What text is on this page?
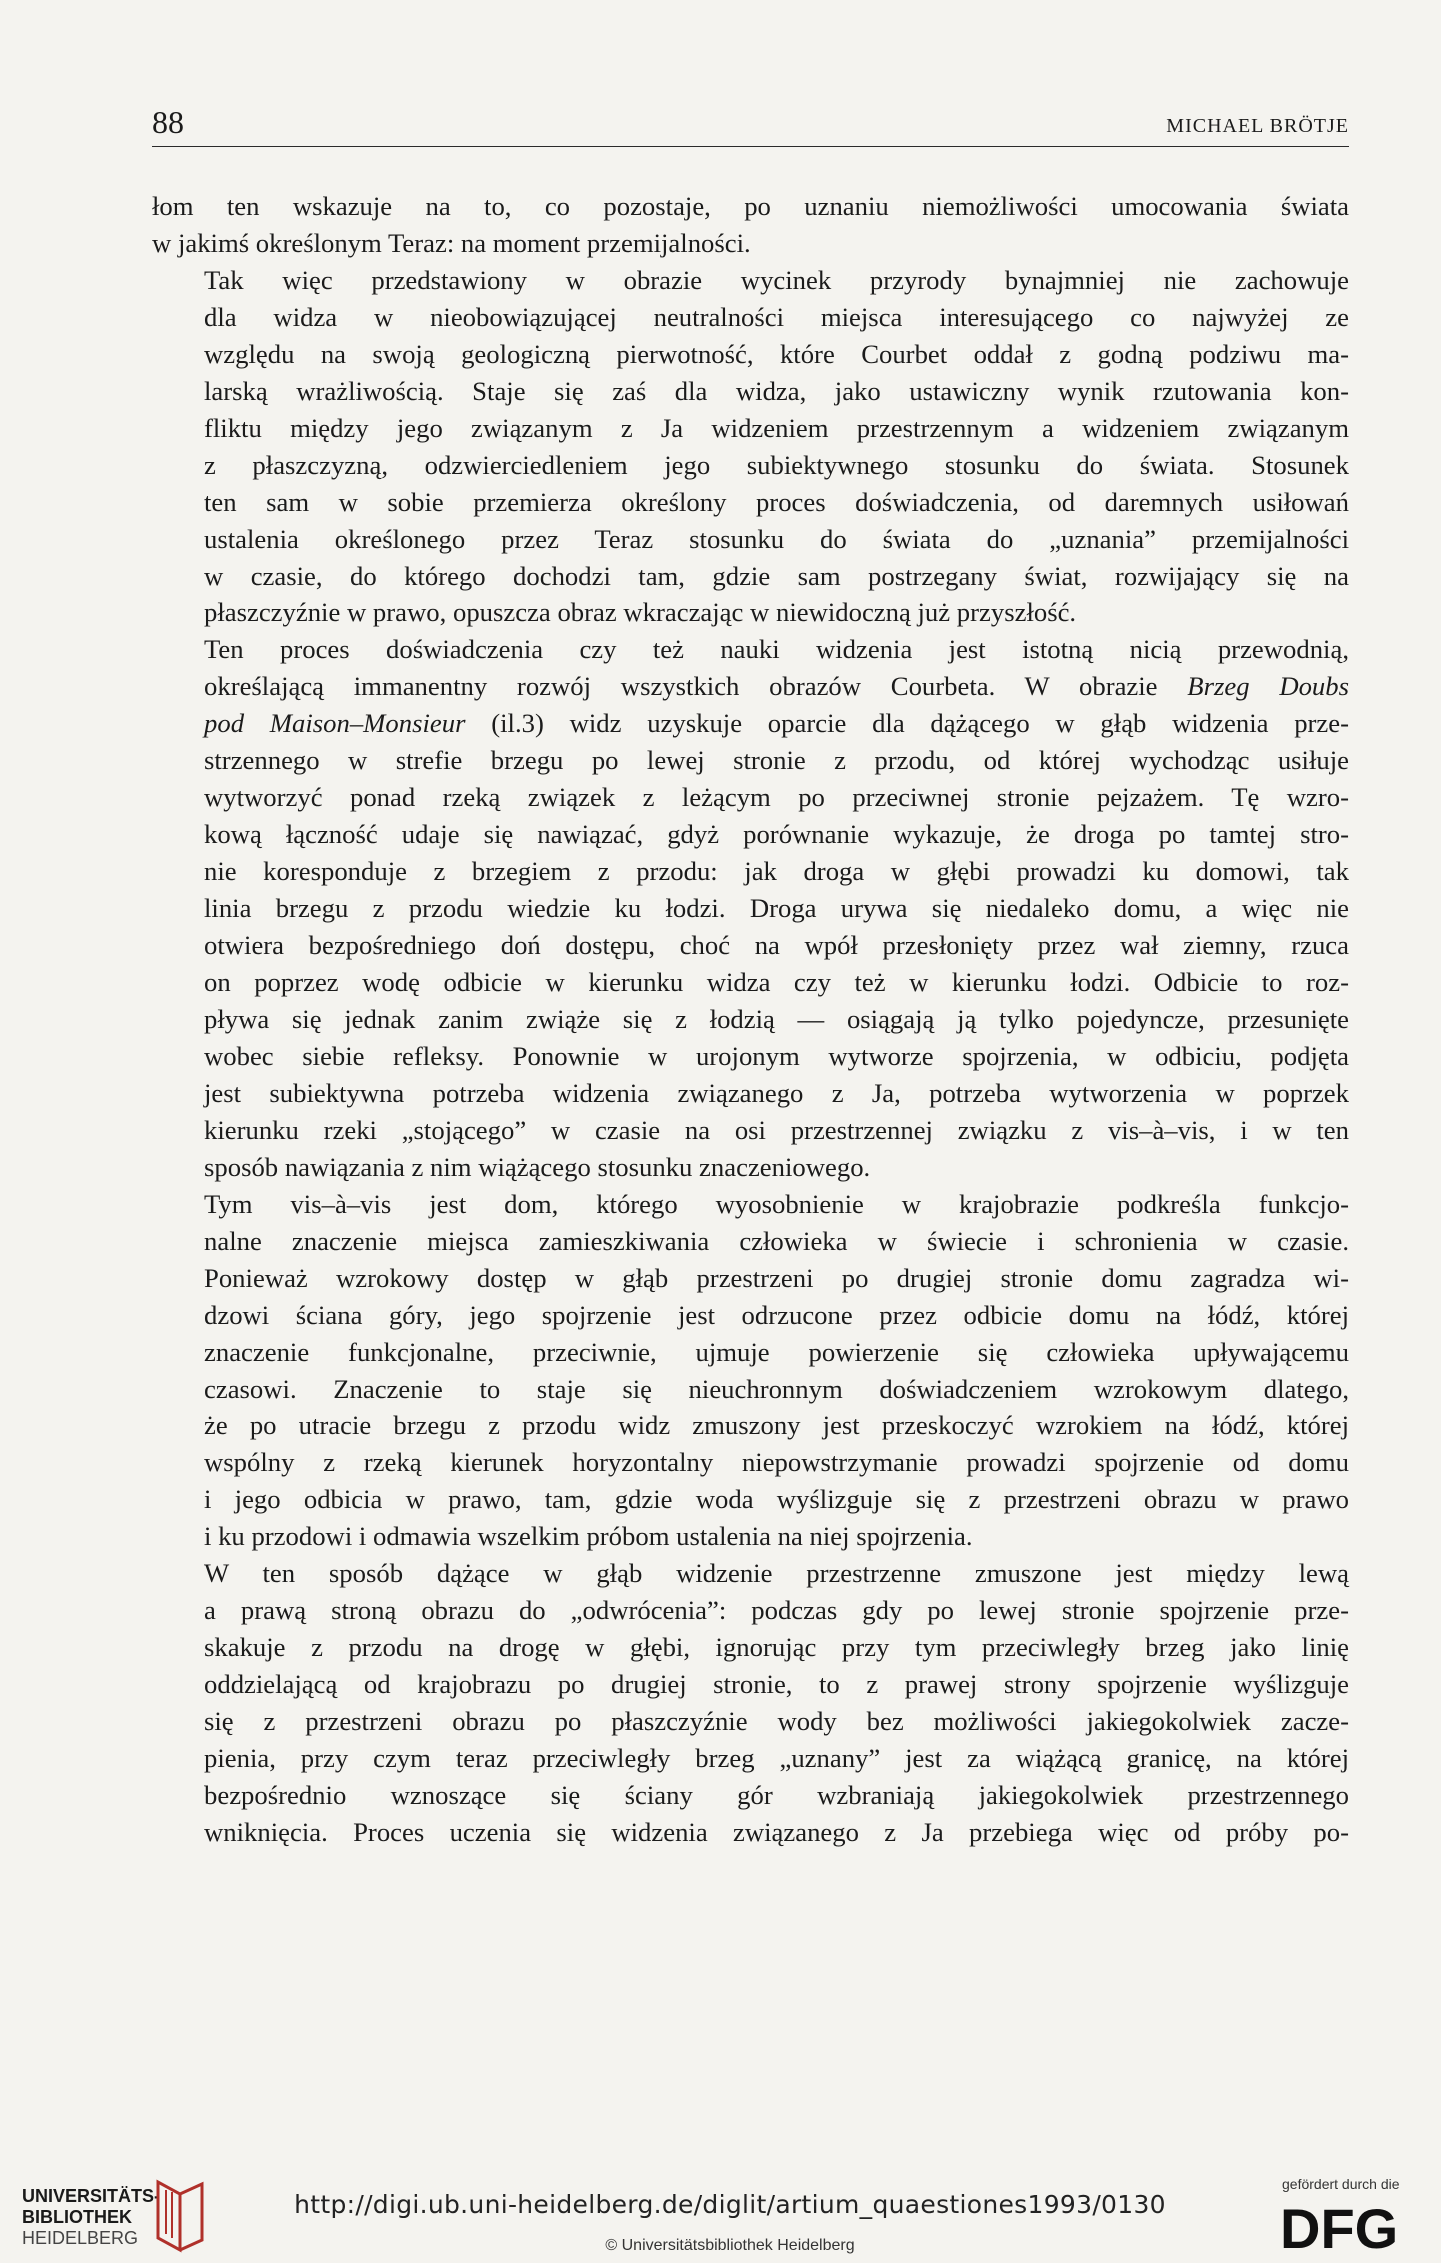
88	MICHAEL BRÖTJE

łom ten wskazuje na to, co pozostaje, po uznaniu niemożliwości umocowania świata
w jakimś określonym Teraz: na moment przemijalności.

Tak więc przedstawiony w obrazie wycinek przyrody bynajmniej nie zachowuje
dla widza w nieobowiązującej neutralności miejsca interesującego co najwyżej ze
względu na swoją geologiczną pierwotność, które Courbet oddał z godną podziwu ma-
larską wrażliwością. Staje się zaś dla widza, jako ustawiczny wynik rzutowania kon-
fliktu między jego związanym z Ja widzeniem przestrzennym a widzeniem związanym
z płaszczyzną, odzwierciedleniem jego subiektywnego stosunku do świata. Stosunek
ten sam w sobie przemierza określony proces doświadczenia, od daremnych usiłowań
ustalenia określonego przez Teraz stosunku do świata do „uznania” przemijalności
w czasie, do którego dochodzi tam, gdzie sam postrzegany świat, rozwijający się na
płaszczyźnie w prawo, opuszcza obraz wkraczając w niewidoczną już przyszłość.

Ten proces doświadczenia czy też nauki widzenia jest istotną nicią przewodnią,
określającą immanentny rozwój wszystkich obrazów Courbeta. W obrazie Brzeg Doubs
pod Maison–Monsieur (il.3) widz uzyskuje oparcie dla dążącego w głąb widzenia prze-
strzennego w strefie brzegu po lewej stronie z przodu, od której wychodząc usiłuje
wytworzyć ponad rzeką związek z leżącym po przeciwnej stronie pejzażem. Tę wzro-
kową łączność udaje się nawiązać, gdyż porównanie wykazuje, że droga po tamtej stro-
nie koresponduje z brzegiem z przodu: jak droga w głębi prowadzi ku domowi, tak
linia brzegu z przodu wiedzie ku łodzi. Droga urywa się niedaleko domu, a więc nie
otwiera bezpośredniego doń dostępu, choć na wpół przesłonięty przez wał ziemny, rzuca
on poprzez wodę odbicie w kierunku widza czy też w kierunku łodzi. Odbicie to roz-
pływa się jednak zanim zwiąże się z łodzią — osiągają ją tylko pojedyncze, przesunięte
wobec siebie refleksy. Ponownie w urojonym wytworze spojrzenia, w odbiciu, podjęta
jest subiektywna potrzeba widzenia związanego z Ja, potrzeba wytworzenia w poprzek
kierunku rzeki „stojącego” w czasie na osi przestrzennej związku z vis–à–vis, i w ten
sposób nawiązania z nim wiążącego stosunku znaczeniowego.

Tym vis–à–vis jest dom, którego wyosobnienie w krajobrazie podkreśla funkcjo-
nalne znaczenie miejsca zamieszkiwania człowieka w świecie i schronienia w czasie.
Ponieważ wzrokowy dostęp w głąb przestrzeni po drugiej stronie domu zagradza wi-
dzowi ściana góry, jego spojrzenie jest odrzucone przez odbicie domu na łódź, której
znaczenie funkcjonalne, przeciwnie, ujmuje powierzenie się człowieka upływającemu
czasowi. Znaczenie to staje się nieuchronnym doświadczeniem wzrokowym dlatego,
że po utracie brzegu z przodu widz zmuszony jest przeskoczyć wzrokiem na łódź, której
wspólny z rzeką kierunek horyzontalny niepowstrzymanie prowadzi spojrzenie od domu
i jego odbicia w prawo, tam, gdzie woda wyślizguje się z przestrzeni obrazu w prawo
i ku przodowi i odmawia wszelkim próbom ustalenia na niej spojrzenia.

W ten sposób dążące w głąb widzenie przestrzenne zmuszone jest między lewą
a prawą stroną obrazu do „odwrócenia”: podczas gdy po lewej stronie spojrzenie prze-
skakuje z przodu na drogę w głębi, ignorując przy tym przeciwległy brzeg jako linię
oddzielającą od krajobrazu po drugiej stronie, to z prawej strony spojrzenie wyślizguje
się z przestrzeni obrazu po płaszczyźnie wody bez możliwości jakiegokolwiek zacze-
pienia, przy czym teraz przeciwległy brzeg „uznany” jest za wiążącą granicę, na której
bezpośrednio wznoszące się ściany gór wzbraniają jakiegokolwiek przestrzennego
wniknięcia. Proces uczenia się widzenia związanego z Ja przebiega więc od próby po-

UNIVERSITÄTS-
BIBLIOTHEK
HEIDELBERG
http://digi.ub.uni-heidelberg.de/diglit/artium_quaestiones1993/0130
© Universitätsbibliothek Heidelberg
gefördert durch die
DFG
